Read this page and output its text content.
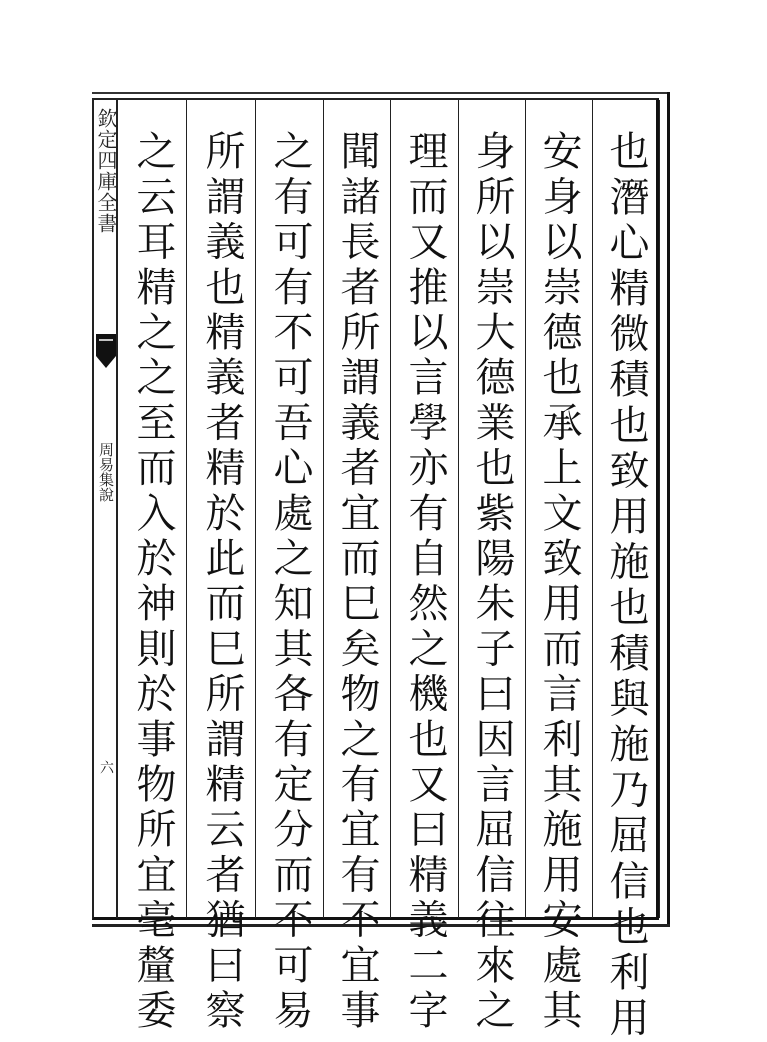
欽定四庫全書
周易集說
六	也潛心精微積也致用施也積與施乃屈信也利用
安身以崇德也承上文致用而言利其施用安處其
身所以崇大德業也紫陽朱子曰因言屈信往來之
理而又推以言學亦有自然之機也又曰精義二字
聞諸長者所謂義者宜而巳矣物之有宜有不宜事
之有可有不可吾心處之知其各有定分而不可易
所謂義也精義者精於此而巳所謂精云者猶曰察
之云耳精之之至而入於神則於事物所宜毫釐委
